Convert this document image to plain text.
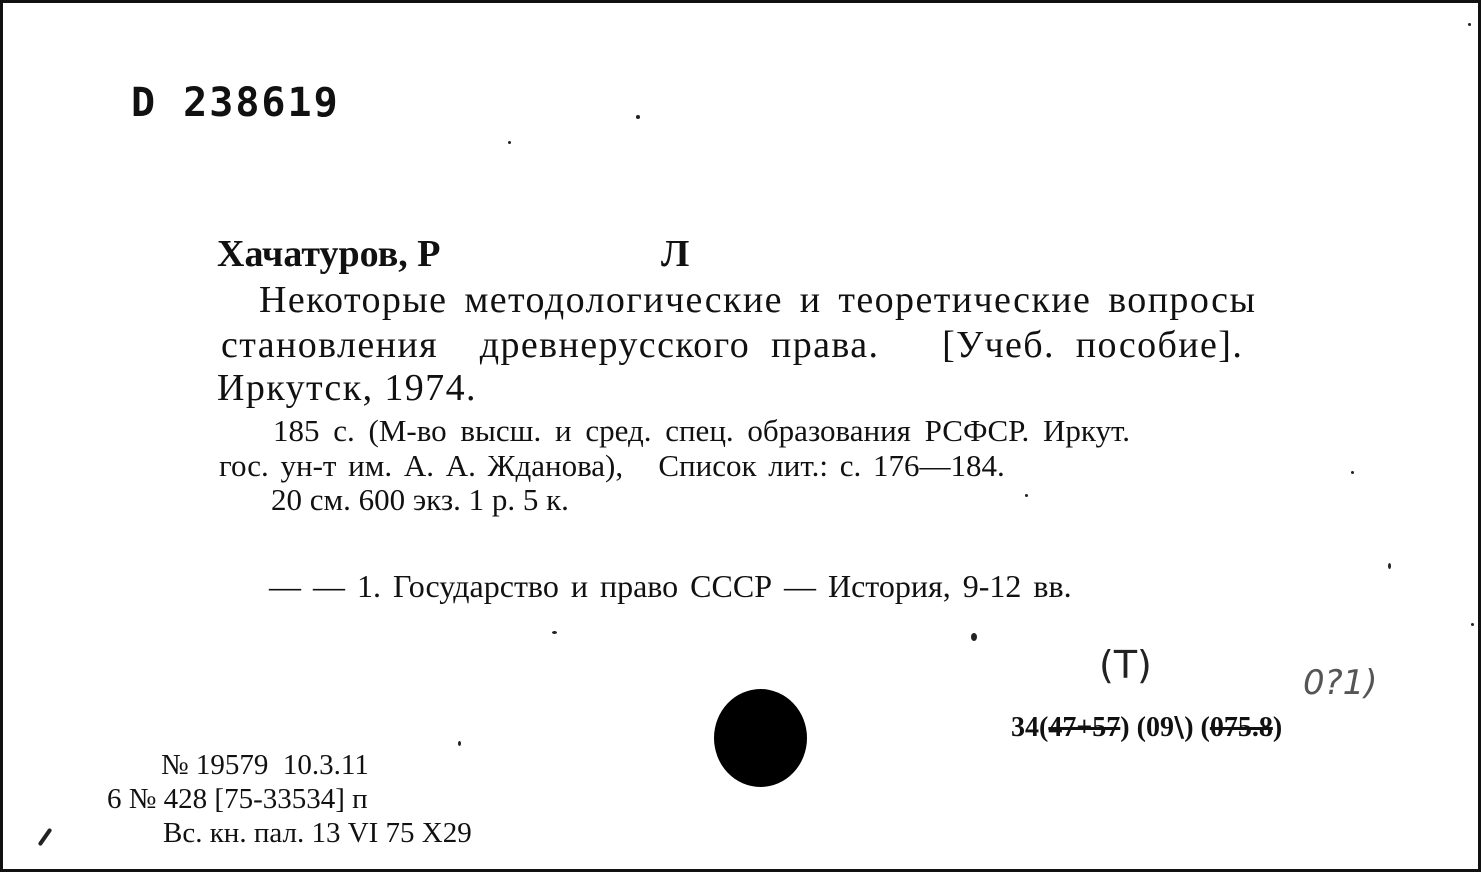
D 238619
Хачатуров, Р	Л
Некоторые методологические и теоретические вопросы
становления  древнерусского права.   [Учеб. пособие].
Иркутск, 1974.
185 с. (М-во высш. и сред. спец. образования РСФСР. Иркут.
гос. ун-т им. А. А. Жданова),   Список лит.: с. 176—184.
20 см. 600 экз. 1 р. 5 к.
— — 1. Государство и право СССР — История, 9-12 вв.
(Т)	0?1)
34(47+57) (09\) (075.8)
№ 19579  10.3.11
6 № 428 [75-33534] п
Вс. кн. пал. 13 VI 75 Х29
